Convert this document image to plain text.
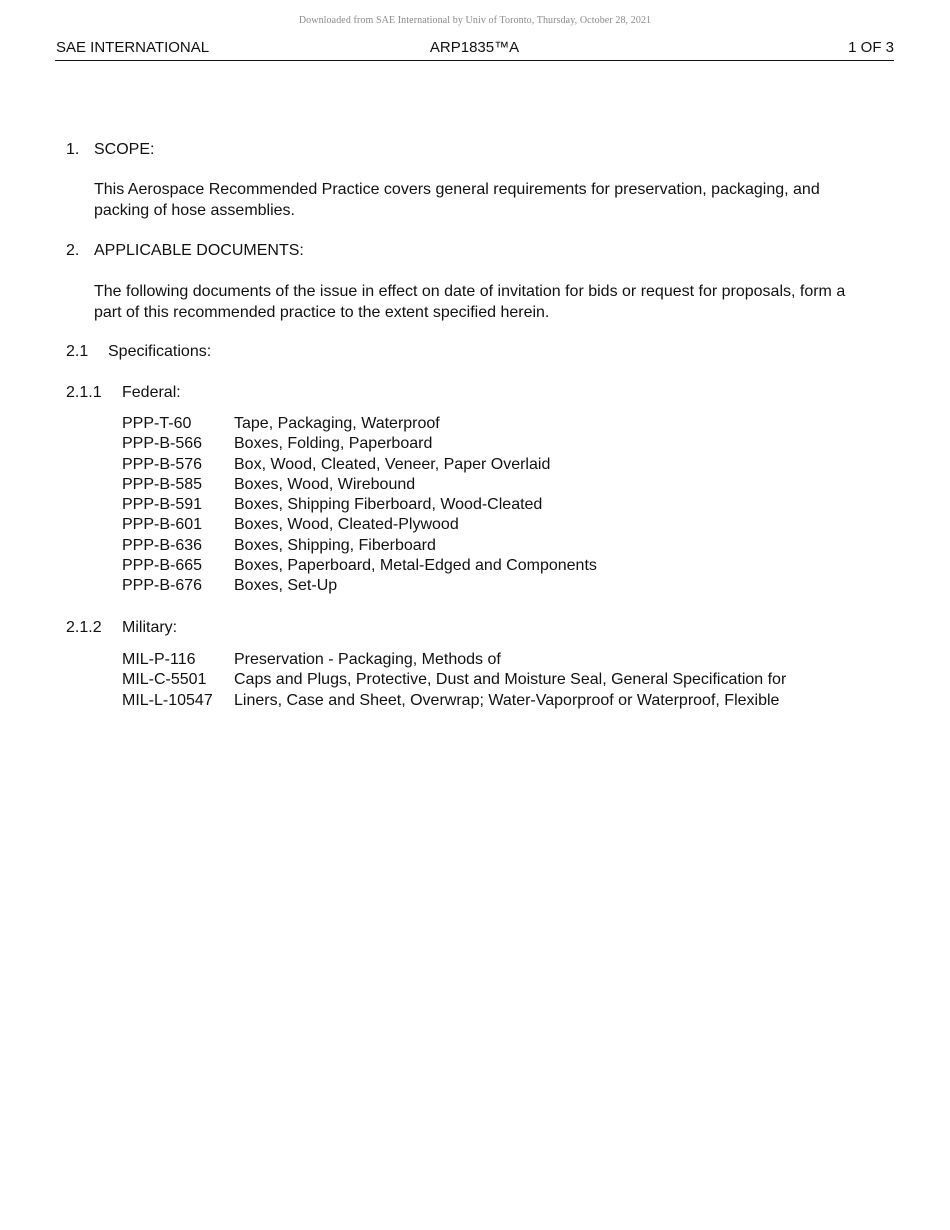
Downloaded from SAE International by Univ of Toronto, Thursday, October 28, 2021
SAE INTERNATIONAL	ARP1835™A	1 OF 3
1. SCOPE:
This Aerospace Recommended Practice covers general requirements for preservation, packaging, and packing of hose assemblies.
2. APPLICABLE DOCUMENTS:
The following documents of the issue in effect on date of invitation for bids or request for proposals, form a part of this recommended practice to the extent specified herein.
2.1 Specifications:
2.1.1 Federal:
PPP-T-60	Tape, Packaging, Waterproof
PPP-B-566 Boxes, Folding, Paperboard
PPP-B-576 Box, Wood, Cleated, Veneer, Paper Overlaid
PPP-B-585 Boxes, Wood, Wirebound
PPP-B-591 Boxes, Shipping Fiberboard, Wood-Cleated
PPP-B-601 Boxes, Wood, Cleated-Plywood
PPP-B-636 Boxes, Shipping, Fiberboard
PPP-B-665 Boxes, Paperboard, Metal-Edged and Components
PPP-B-676 Boxes, Set-Up
2.1.2 Military:
MIL-P-116 Preservation - Packaging, Methods of
MIL-C-5501 Caps and Plugs, Protective, Dust and Moisture Seal, General Specification for
MIL-L-10547 Liners, Case and Sheet, Overwrap; Water-Vaporproof or Waterproof, Flexible
